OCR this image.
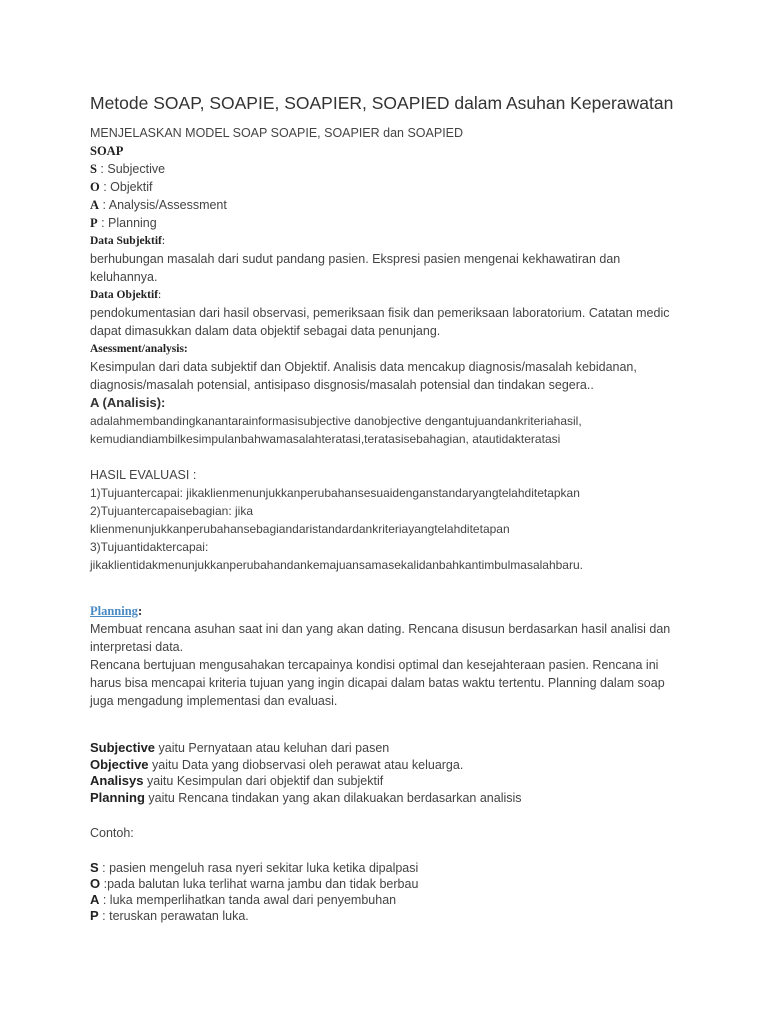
Metode SOAP, SOAPIE, SOAPIER, SOAPIED dalam Asuhan Keperawatan
MENJELASKAN MODEL SOAP SOAPIE, SOAPIER dan SOAPIED
SOAP
S : Subjective
O : Objektif
A : Analysis/Assessment
P : Planning
Data Subjektif:
berhubungan masalah dari sudut pandang pasien. Ekspresi pasien mengenai kekhawatiran dan keluhannya.
Data Objektif:
pendokumentasian dari hasil observasi, pemeriksaan fisik dan pemeriksaan laboratorium. Catatan medic dapat dimasukkan dalam data objektif sebagai data penunjang.
Asessment/analysis:
Kesimpulan dari data subjektif dan Objektif. Analisis data mencakup diagnosis/masalah kebidanan, diagnosis/masalah potensial, antisipaso disgnosis/masalah potensial dan tindakan segera..
A (Analisis):
adalahmembandingkanantarainformasisubjective danobjective dengantujuandankriteriahasil, kemudiandiambilkesimpulanbahwamasalahteratasi,teratasisebahagian, atautidakteratasi
HASIL EVALUASI :
1)Tujuantercapai: jikaklienmenunjukkanperubahansesuaidenganstandaryangtelahditetapkan
2)Tujuantercapaisebagian: jika
klienmenunjukkanperubahansebagiandaristandardankriteriayangtelahditetapan
3)Tujuantidaktercapai:
jikaklientidakmenunjukkanperubahandankemajuansamasekalidanbahkantimbulmasalahbaru.
Planning:
Membuat rencana asuhan saat ini dan yang akan dating. Rencana disusun berdasarkan hasil analisi dan interpretasi data.
Rencana bertujuan mengusahakan tercapainya kondisi optimal dan kesejahteraan pasien. Rencana ini harus bisa mencapai kriteria tujuan yang ingin dicapai dalam batas waktu tertentu. Planning dalam soap juga mengadung implementasi dan evaluasi.
Subjective yaitu Pernyataan atau keluhan dari pasen
Objective yaitu Data yang diobservasi oleh perawat atau keluarga.
Analisys yaitu Kesimpulan dari objektif dan subjektif
Planning yaitu Rencana tindakan yang akan dilakuakan berdasarkan analisis
Contoh:
S : pasien mengeluh rasa nyeri sekitar luka ketika dipalpasi
O :pada balutan luka terlihat warna jambu dan tidak berbau
A : luka memperlihatkan tanda awal dari penyembuhan
P : teruskan perawatan luka.
